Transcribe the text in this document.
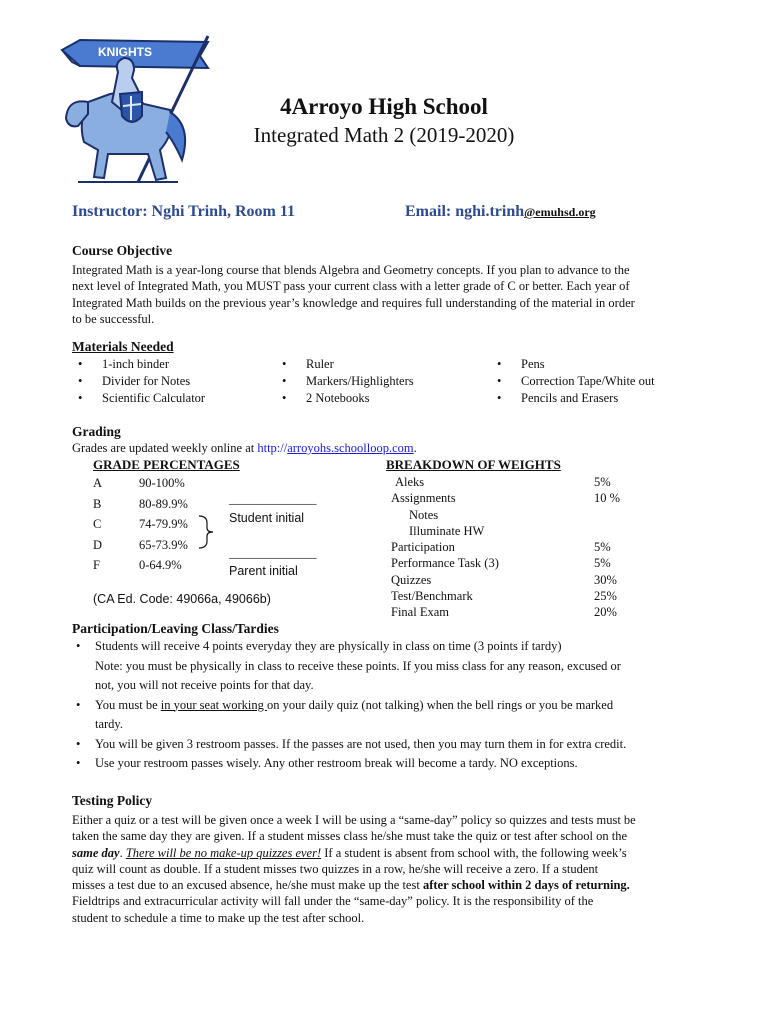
KNIGHTS
4Arroyo High School
Integrated Math 2 (2019-2020)
Instructor: Nghi Trinh, Room 11	Email: nghi.trinh@emuhsd.org
Course Objective
Integrated Math is a year-long course that blends Algebra and Geometry concepts. If you plan to advance to the
next level of Integrated Math, you MUST pass your current class with a letter grade of C or better. Each year of
Integrated Math builds on the previous year’s knowledge and requires full understanding of the material in order
to be successful.
Materials Needed
• 1-inch binder
• Divider for Notes
• Scientific Calculator
• Ruler
• Markers/Highlighters
• 2 Notebooks
• Pens
• Correction Tape/White out
• Pencils and Erasers
Grading
Grades are updated weekly online at http://arroyohs.schoolloop.com.
GRADE PERCENTAGES
A	90-100%
B	80-89.9%
C	74-79.9%
D	65-73.9%
F	0-64.9%
______________
Student initial
______________
Parent initial
(CA Ed. Code: 49066a, 49066b)
BREAKDOWN OF WEIGHTS
Aleks	5%
Assignments	10 %
Notes
Illuminate HW
Participation	5%
Performance Task (3)	5%
Quizzes	30%
Test/Benchmark	25%
Final Exam	20%
Participation/Leaving Class/Tardies
• Students will receive 4 points everyday they are physically in class on time (3 points if tardy)
Note: you must be physically in class to receive these points. If you miss class for any reason, excused or
not, you will not receive points for that day.
• You must be in your seat working on your daily quiz (not talking) when the bell rings or you be marked
tardy.
• You will be given 3 restroom passes. If the passes are not used, then you may turn them in for extra credit.
• Use your restroom passes wisely. Any other restroom break will become a tardy. NO exceptions.
Testing Policy
Either a quiz or a test will be given once a week I will be using a “same-day” policy so quizzes and tests must be
taken the same day they are given. If a student misses class he/she must take the quiz or test after school on the
same day. There will be no make-up quizzes ever! If a student is absent from school with, the following week’s
quiz will count as double. If a student misses two quizzes in a row, he/she will receive a zero. If a student
misses a test due to an excused absence, he/she must make up the test after school within 2 days of returning.
Fieldtrips and extracurricular activity will fall under the “same-day” policy. It is the responsibility of the
student to schedule a time to make up the test after school.
